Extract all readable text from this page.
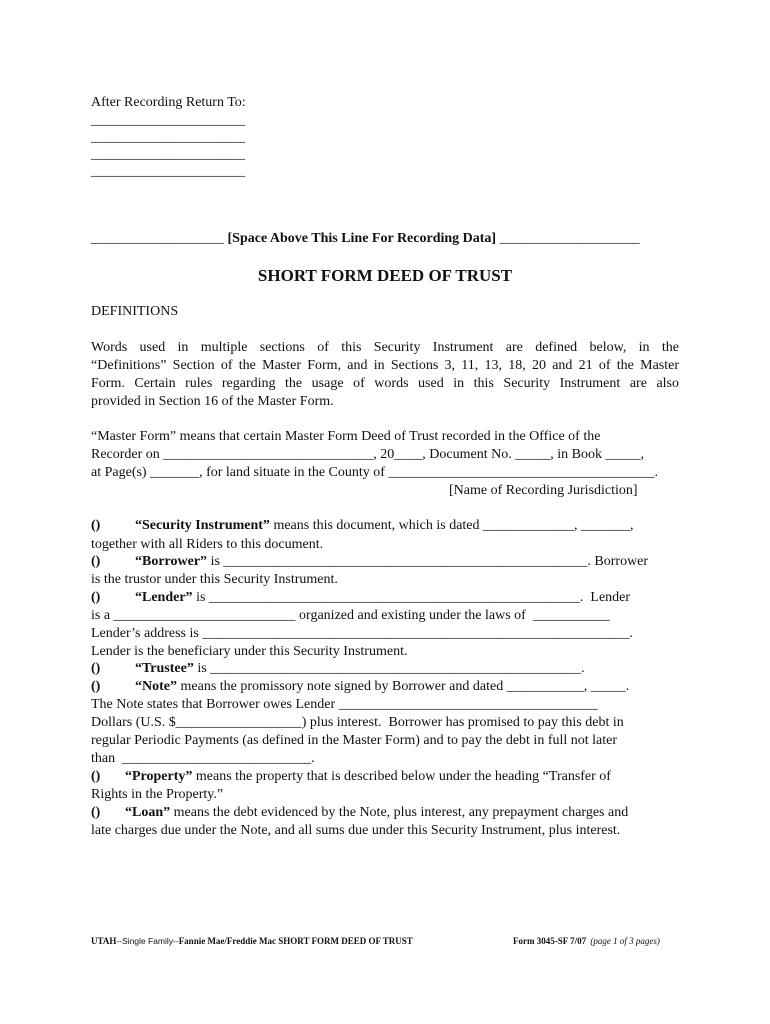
After Recording Return To:
______________________
______________________
______________________
______________________
___________________ [Space Above This Line For Recording Data] ____________________
SHORT FORM DEED OF TRUST
DEFINITIONS
Words used in multiple sections of this Security Instrument are defined below, in the
“Definitions” Section of the Master Form, and in Sections 3, 11, 13, 18, 20 and 21 of the Master
Form. Certain rules regarding the usage of words used in this Security Instrument are also
provided in Section 16 of the Master Form.
“Master Form” means that certain Master Form Deed of Trust recorded in the Office of the
Recorder on ______________________________, 20____, Document No. _____, in Book _____,
at Page(s) _______, for land situate in the County of ______________________________________.
[Name of Recording Jurisdiction]
() “Security Instrument” means this document, which is dated _____________, _______,
together with all Riders to this document.
() “Borrower” is ____________________________________________________. Borrower
is the trustor under this Security Instrument.
() “Lender” is _____________________________________________________.  Lender
is a __________________________ organized and existing under the laws of  ___________
Lender’s address is _____________________________________________________________.
Lender is the beneficiary under this Security Instrument.
() “Trustee” is _____________________________________________________.
() “Note” means the promissory note signed by Borrower and dated ___________, _____.
The Note states that Borrower owes Lender _____________________________________
Dollars (U.S. $__________________) plus interest.  Borrower has promised to pay this debt in
regular Periodic Payments (as defined in the Master Form) and to pay the debt in full not later
than  ___________________________.
() “Property” means the property that is described below under the heading “Transfer of
Rights in the Property.”
() “Loan” means the debt evidenced by the Note, plus interest, any prepayment charges and
late charges due under the Note, and all sums due under this Security Instrument, plus interest.
UTAH--Single Family--Fannie Mae/Freddie Mac SHORT FORM DEED OF TRUST	Form 3045-SF 7/07 (page 1 of 3 pages)
